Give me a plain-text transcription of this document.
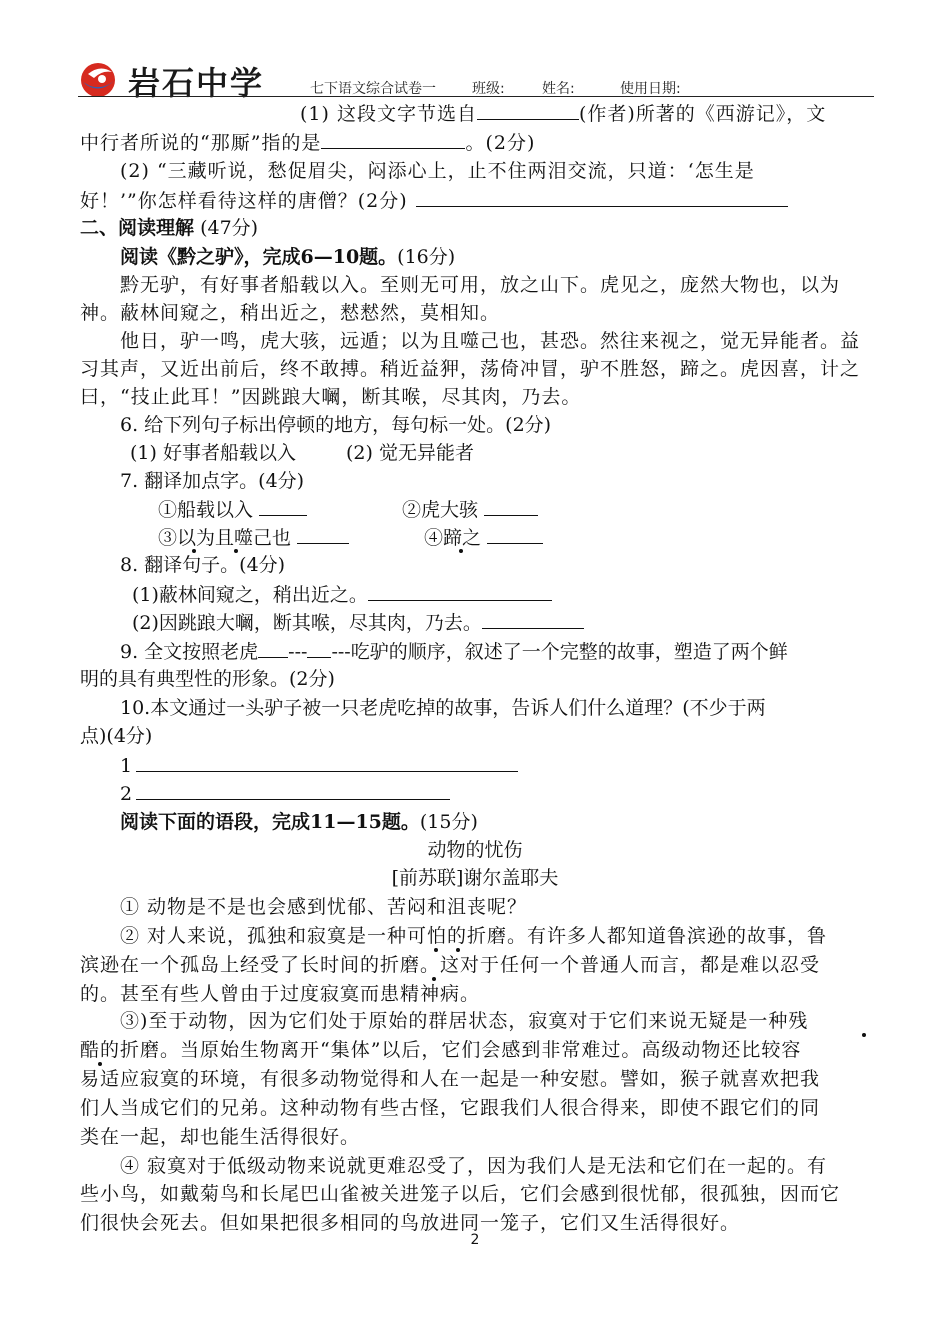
岩石中学	七下语文综合试卷一	班级:	姓名:	使用日期:
(1) 这段文字节选自	(作者)所著的《西游记》，文
中行者所说的“那厮”指的是	。(2分)
(2) “三藏听说，愁促眉尖，闷添心上，止不住两泪交流，只道：‘怎生是
好！’”你怎样看待这样的唐僧？(2分)
二、阅读理解 (47分)
阅读《黔之驴》，完成6—10题。(16分)
黔无驴，有好事者船载以入。至则无可用，放之山下。虎见之，庞然大物也，以为
神。蔽林间窥之，稍出近之，慭慭然，莫相知。
他日，驴一鸣，虎大骇，远遁；以为且噬己也，甚恐。然往来视之，觉无异能者。益
习其声，又近出前后，终不敢搏。稍近益狎，荡倚冲冒，驴不胜怒，蹄之。虎因喜，计之
曰，“技止此耳！”因跳踉大㘎，断其喉，尽其肉，乃去。
6. 给下列句子标出停顿的地方，每句标一处。(2分)
(1) 好事者船载以入	(2) 觉无异能者
7. 翻译加点字。(4分)
①船载以入	②虎大骇
③以为且噬己也	④蹄之
8. 翻译句子。(4分)
(1)蔽林间窥之，稍出近之。
(2)因跳踉大㘎，断其喉，尽其肉，乃去。
9. 全文按照老虎 --- ---吃驴的顺序，叙述了一个完整的故事，塑造了两个鲜
明的具有典型性的形象。(2分)
10.本文通过一头驴子被一只老虎吃掉的故事，告诉人们什么道理？(不少于两
点)(4分)
1
2
阅读下面的语段，完成11—15题。(15分)
动物的忧伤
[前苏联]谢尔盖耶夫
① 动物是不是也会感到忧郁、苦闷和沮丧呢？
② 对人来说，孤独和寂寞是一种可怕的折磨。有许多人都知道鲁滨逊的故事，鲁
滨逊在一个孤岛上经受了长时间的折磨。这对于任何一个普通人而言，都是难以忍受
的。甚至有些人曾由于过度寂寞而患精神病。
③)至于动物，因为它们处于原始的群居状态，寂寞对于它们来说无疑是一种残
酷的折磨。当原始生物离开“集体”以后，它们会感到非常难过。高级动物还比较容
易适应寂寞的环境，有很多动物觉得和人在一起是一种安慰。譬如，猴子就喜欢把我
们人当成它们的兄弟。这种动物有些古怪，它跟我们人很合得来，即使不跟它们的同
类在一起，却也能生活得很好。
④ 寂寞对于低级动物来说就更难忍受了，因为我们人是无法和它们在一起的。有
些小鸟，如戴菊鸟和长尾巴山雀被关进笼子以后，它们会感到很忧郁，很孤独，因而它
们很快会死去。但如果把很多相同的鸟放进同一笼子，它们又生活得很好。
2
